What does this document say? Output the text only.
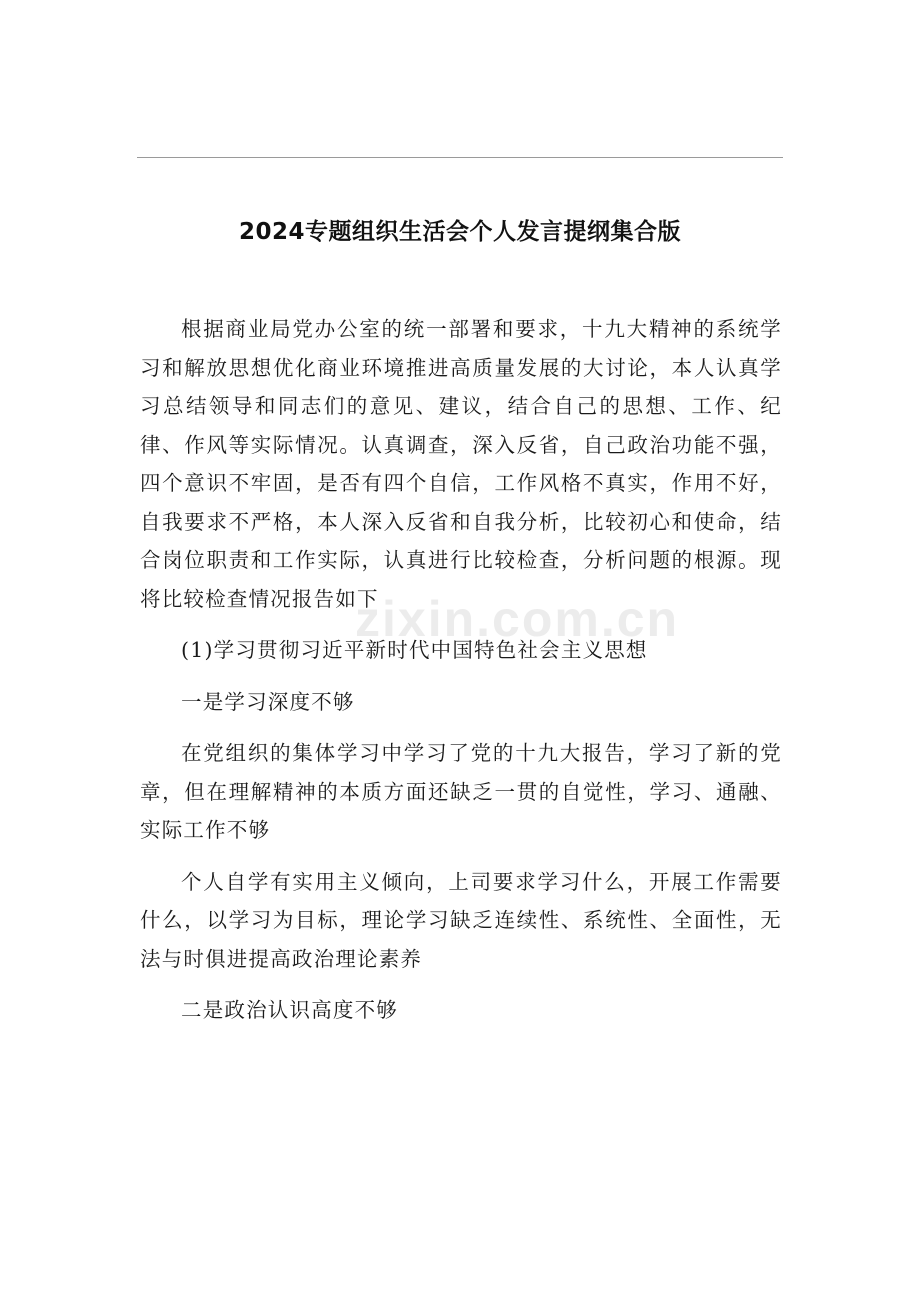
2024专题组织生活会个人发言提纲集合版

根据商业局党办公室的统一部署和要求，十九大精神的系统学习和解放思想优化商业环境推进高质量发展的大讨论，本人认真学习总结领导和同志们的意见、建议，结合自己的思想、工作、纪律、作风等实际情况。认真调查，深入反省，自己政治功能不强，四个意识不牢固，是否有四个自信，工作风格不真实，作用不好，自我要求不严格，本人深入反省和自我分析，比较初心和使命，结合岗位职责和工作实际，认真进行比较检查，分析问题的根源。现将比较检查情况报告如下

(1)学习贯彻习近平新时代中国特色社会主义思想

一是学习深度不够

在党组织的集体学习中学习了党的十九大报告，学习了新的党章，但在理解精神的本质方面还缺乏一贯的自觉性，学习、通融、实际工作不够

个人自学有实用主义倾向，上司要求学习什么，开展工作需要什么，以学习为目标，理论学习缺乏连续性、系统性、全面性，无法与时俱进提高政治理论素养

二是政治认识高度不够

zixin.com.cn
